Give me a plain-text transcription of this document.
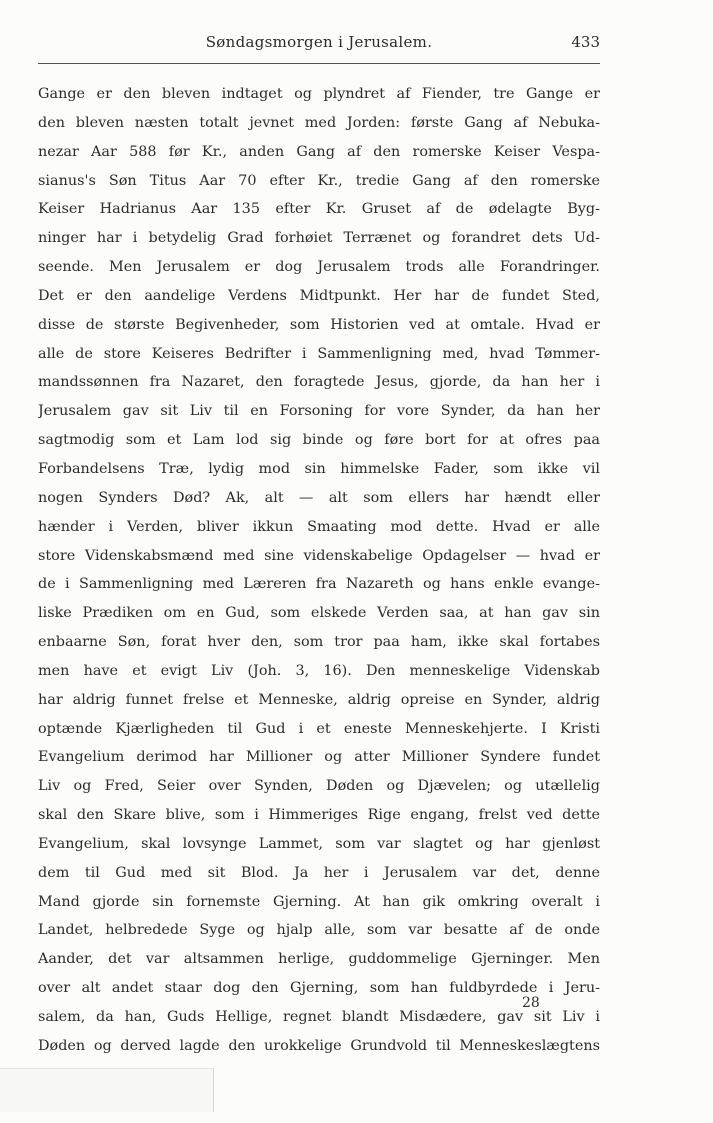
Søndagsmorgen i Jerusalem.	433
Gange er den bleven indtaget og plyndret af Fiender, tre Gange er
den bleven næsten totalt jevnet med Jorden: første Gang af Nebuka-
nezar Aar 588 før Kr., anden Gang af den romerske Keiser Vespa-
sianus's Søn Titus Aar 70 efter Kr., tredie Gang af den romerske
Keiser Hadrianus Aar 135 efter Kr. Gruset af de ødelagte Byg-
ninger har i betydelig Grad forhøiet Terrænet og forandret dets Ud-
seende. Men Jerusalem er dog Jerusalem trods alle Forandringer.
Det er den aandelige Verdens Midtpunkt. Her har de fundet Sted,
disse de største Begivenheder, som Historien ved at omtale. Hvad er
alle de store Keiseres Bedrifter i Sammenligning med, hvad Tømmer-
mandssønnen fra Nazaret, den foragtede Jesus, gjorde, da han her i
Jerusalem gav sit Liv til en Forsoning for vore Synder, da han her
sagtmodig som et Lam lod sig binde og føre bort for at ofres paa
Forbandelsens Træ, lydig mod sin himmelske Fader, som ikke vil
nogen Synders Død? Ak, alt — alt som ellers har hændt eller
hænder i Verden, bliver ikkun Smaating mod dette. Hvad er alle
store Videnskabsmænd med sine videnskabelige Opdagelser — hvad er
de i Sammenligning med Læreren fra Nazareth og hans enkle evange-
liske Prædiken om en Gud, som elskede Verden saa, at han gav sin
enbaarne Søn, forat hver den, som tror paa ham, ikke skal fortabes
men have et evigt Liv (Joh. 3, 16). Den menneskelige Videnskab
har aldrig funnet frelse et Menneske, aldrig opreise en Synder, aldrig
optænde Kjærligheden til Gud i et eneste Menneskehjerte. I Kristi
Evangelium derimod har Millioner og atter Millioner Syndere fundet
Liv og Fred, Seier over Synden, Døden og Djævelen; og utællelig
skal den Skare blive, som i Himmeriges Rige engang, frelst ved dette
Evangelium, skal lovsynge Lammet, som var slagtet og har gjenløst
dem til Gud med sit Blod. Ja her i Jerusalem var det, denne
Mand gjorde sin fornemste Gjerning. At han gik omkring overalt i
Landet, helbredede Syge og hjalp alle, som var besatte af de onde
Aander, det var altsammen herlige, guddommelige Gjerninger. Men
over alt andet staar dog den Gjerning, som han fuldbyrdede i Jeru-
salem, da han, Guds Hellige, regnet blandt Misdædere, gav sit Liv i
Døden og derved lagde den urokkelige Grundvold til Menneskeslægtens
28
